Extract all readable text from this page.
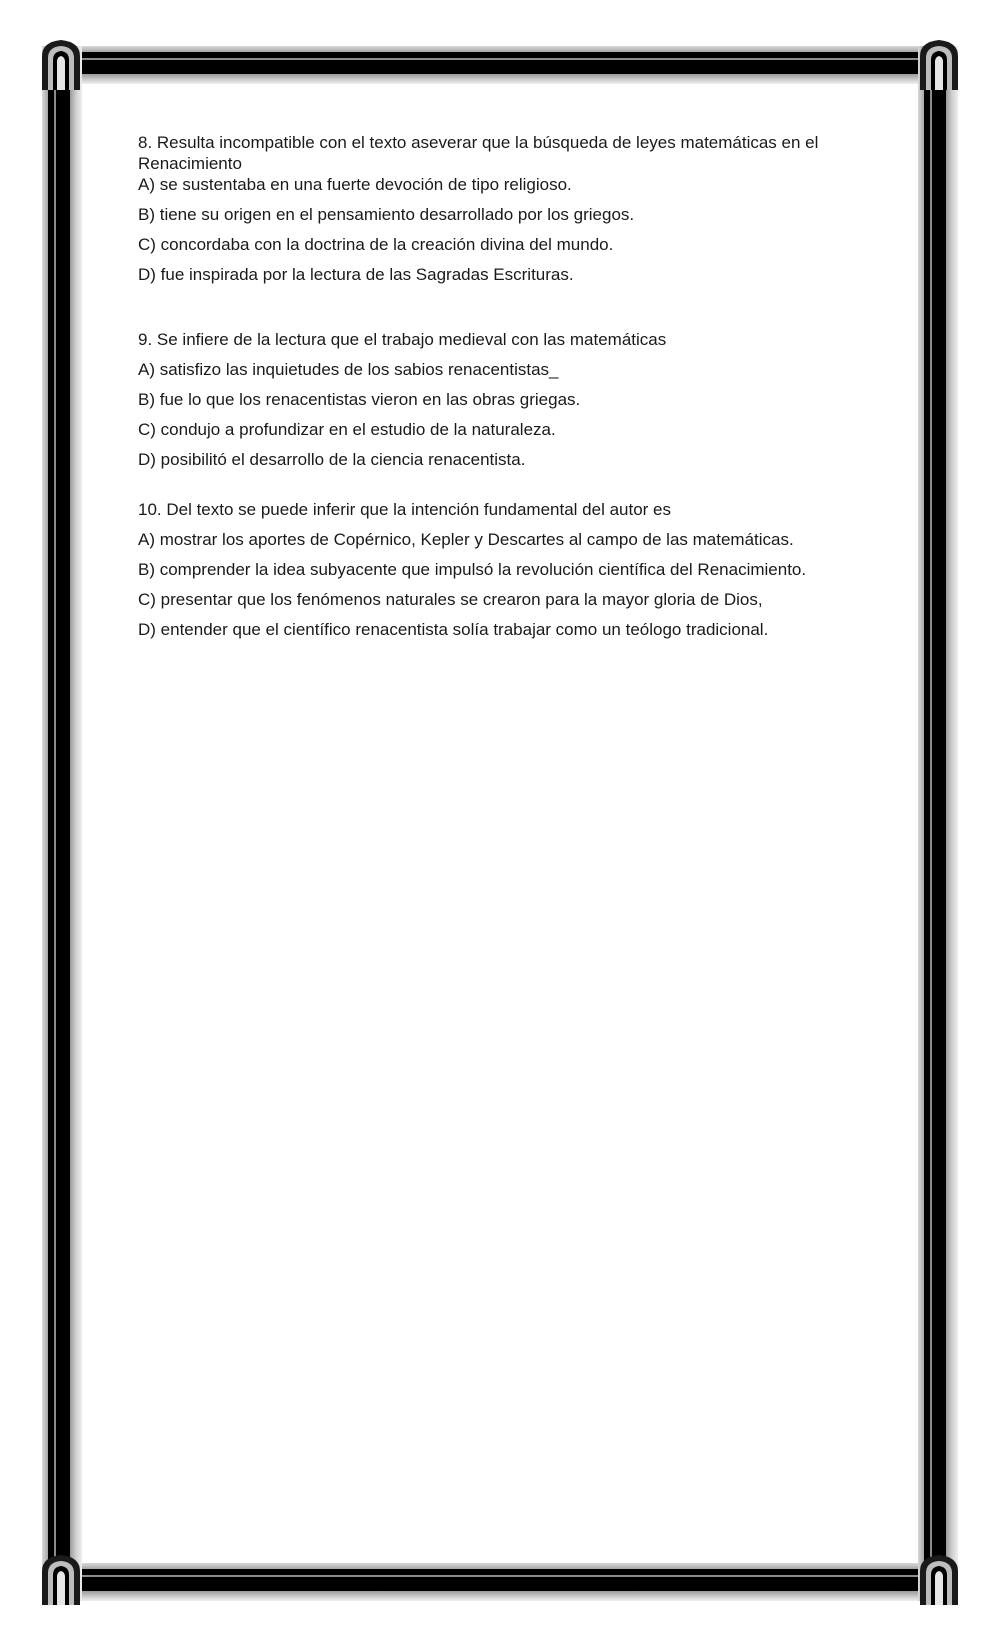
8. Resulta incompatible con el texto aseverar que la búsqueda de leyes matemáticas en el Renacimiento

A) se sustentaba en una fuerte devoción de tipo religioso.

B) tiene su origen en el pensamiento desarrollado por los griegos.

C) concordaba con la doctrina de la creación divina del mundo.

D) fue inspirada por la lectura de las Sagradas Escrituras.

9. Se infiere de la lectura que el trabajo medieval con las matemáticas

A) satisfizo las inquietudes de los sabios renacentistas_

B) fue lo que los renacentistas vieron en las obras griegas.

C) condujo a profundizar en el estudio de la naturaleza.

D) posibilitó el desarrollo de la ciencia renacentista.

10. Del texto se puede inferir que la intención fundamental del autor es

A) mostrar los aportes de Copérnico, Kepler y Descartes al campo de las matemáticas.

B) comprender la idea subyacente que impulsó la revolución científica del Renacimiento.

C) presentar que los fenómenos naturales se crearon para la mayor gloria de Dios,

D) entender que el científico renacentista solía trabajar como un teólogo tradicional.
